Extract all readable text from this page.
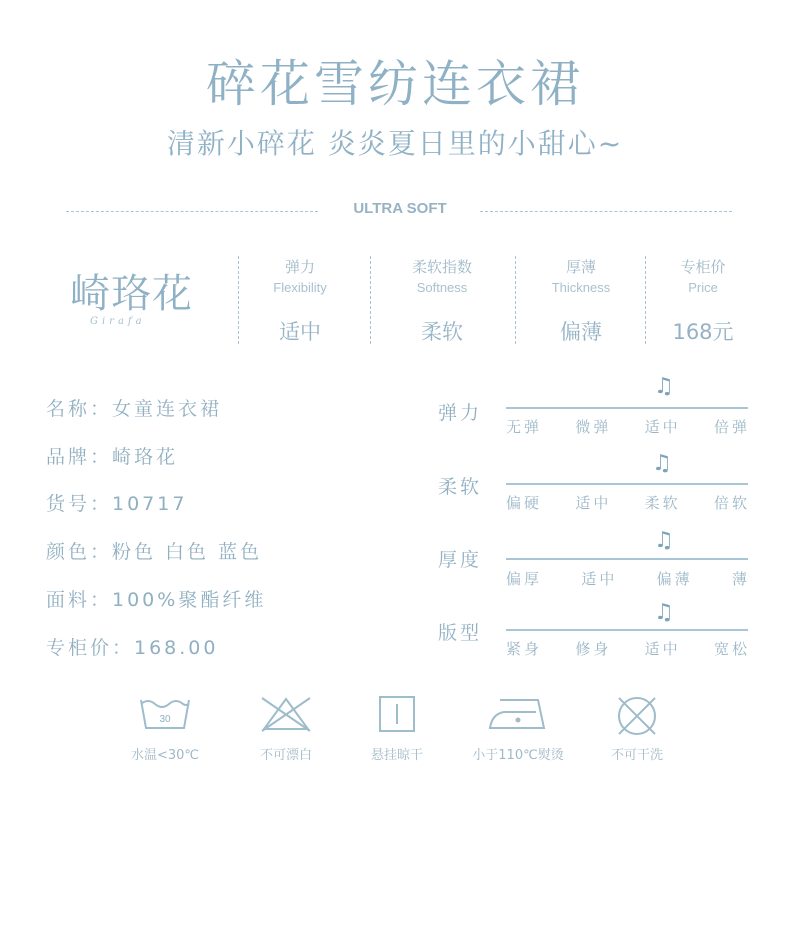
碎花雪纺连衣裙
清新小碎花 炎炎夏日里的小甜心~
ULTRA SOFT
崎珞花
Girafa
弹力
Flexibility
适中
柔软指数
Softness
柔软
厚薄
Thickness
偏薄
专柜价
Price
168元
名称：女童连衣裙
品牌：崎珞花
货号：10717
颜色：粉色 白色 蓝色
面料：100%聚酯纤维
专柜价：168.00
弹力
♫
无弹 微弹 适中 倍弹
柔软
♫
偏硬 适中 柔软 倍软
厚度
♫
偏厚	适中	偏薄	薄
版型
♫
紧身 修身 适中 宽松
30
水温<30℃	不可漂白	悬挂晾干	小于110℃熨烫	不可干洗
